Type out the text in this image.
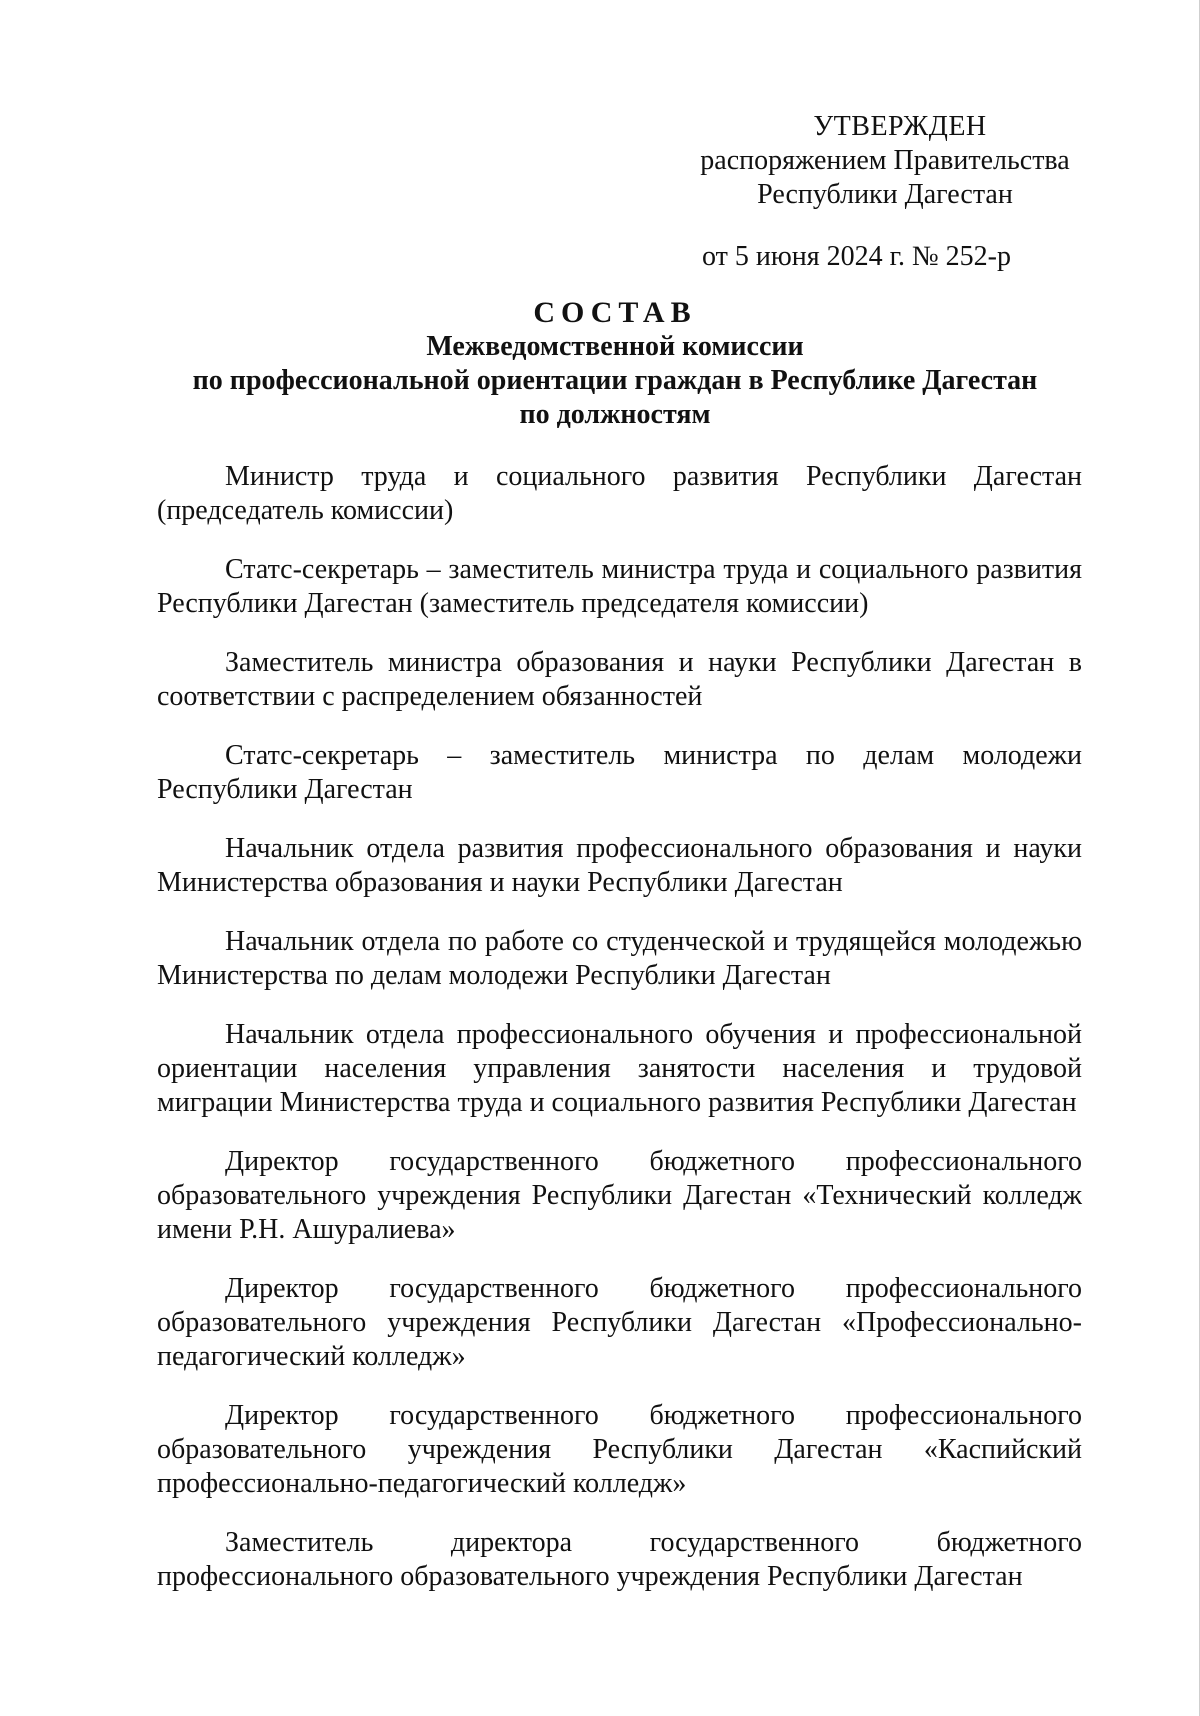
УТВЕРЖДЕН
распоряжением Правительства
Республики Дагестан
от 5 июня 2024 г. № 252-р
СОСТАВ
Межведомственной комиссии
по профессиональной ориентации граждан в Республике Дагестан
по должностям

Министр труда и социального развития Республики Дагестан (председатель комиссии)

Статс-секретарь – заместитель министра труда и социального развития Республики Дагестан (заместитель председателя комиссии)

Заместитель министра образования и науки Республики Дагестан в соответствии с распределением обязанностей

Статс-секретарь – заместитель министра по делам молодежи Республики Дагестан

Начальник отдела развития профессионального образования и науки Министерства образования и науки Республики Дагестан

Начальник отдела по работе со студенческой и трудящейся молодежью Министерства по делам молодежи Республики Дагестан

Начальник отдела профессионального обучения и профессиональной ориентации населения управления занятости населения и трудовой миграции Министерства труда и социального развития Республики Дагестан

Директор государственного бюджетного профессионального образовательного учреждения Республики Дагестан «Технический колледж имени Р.Н. Ашуралиева»

Директор государственного бюджетного профессионального образовательного учреждения Республики Дагестан «Профессионально-педагогический колледж»

Директор государственного бюджетного профессионального образовательного учреждения Республики Дагестан «Каспийский профессионально-педагогический колледж»

Заместитель директора государственного бюджетного профессионального образовательного учреждения Республики Дагестан
